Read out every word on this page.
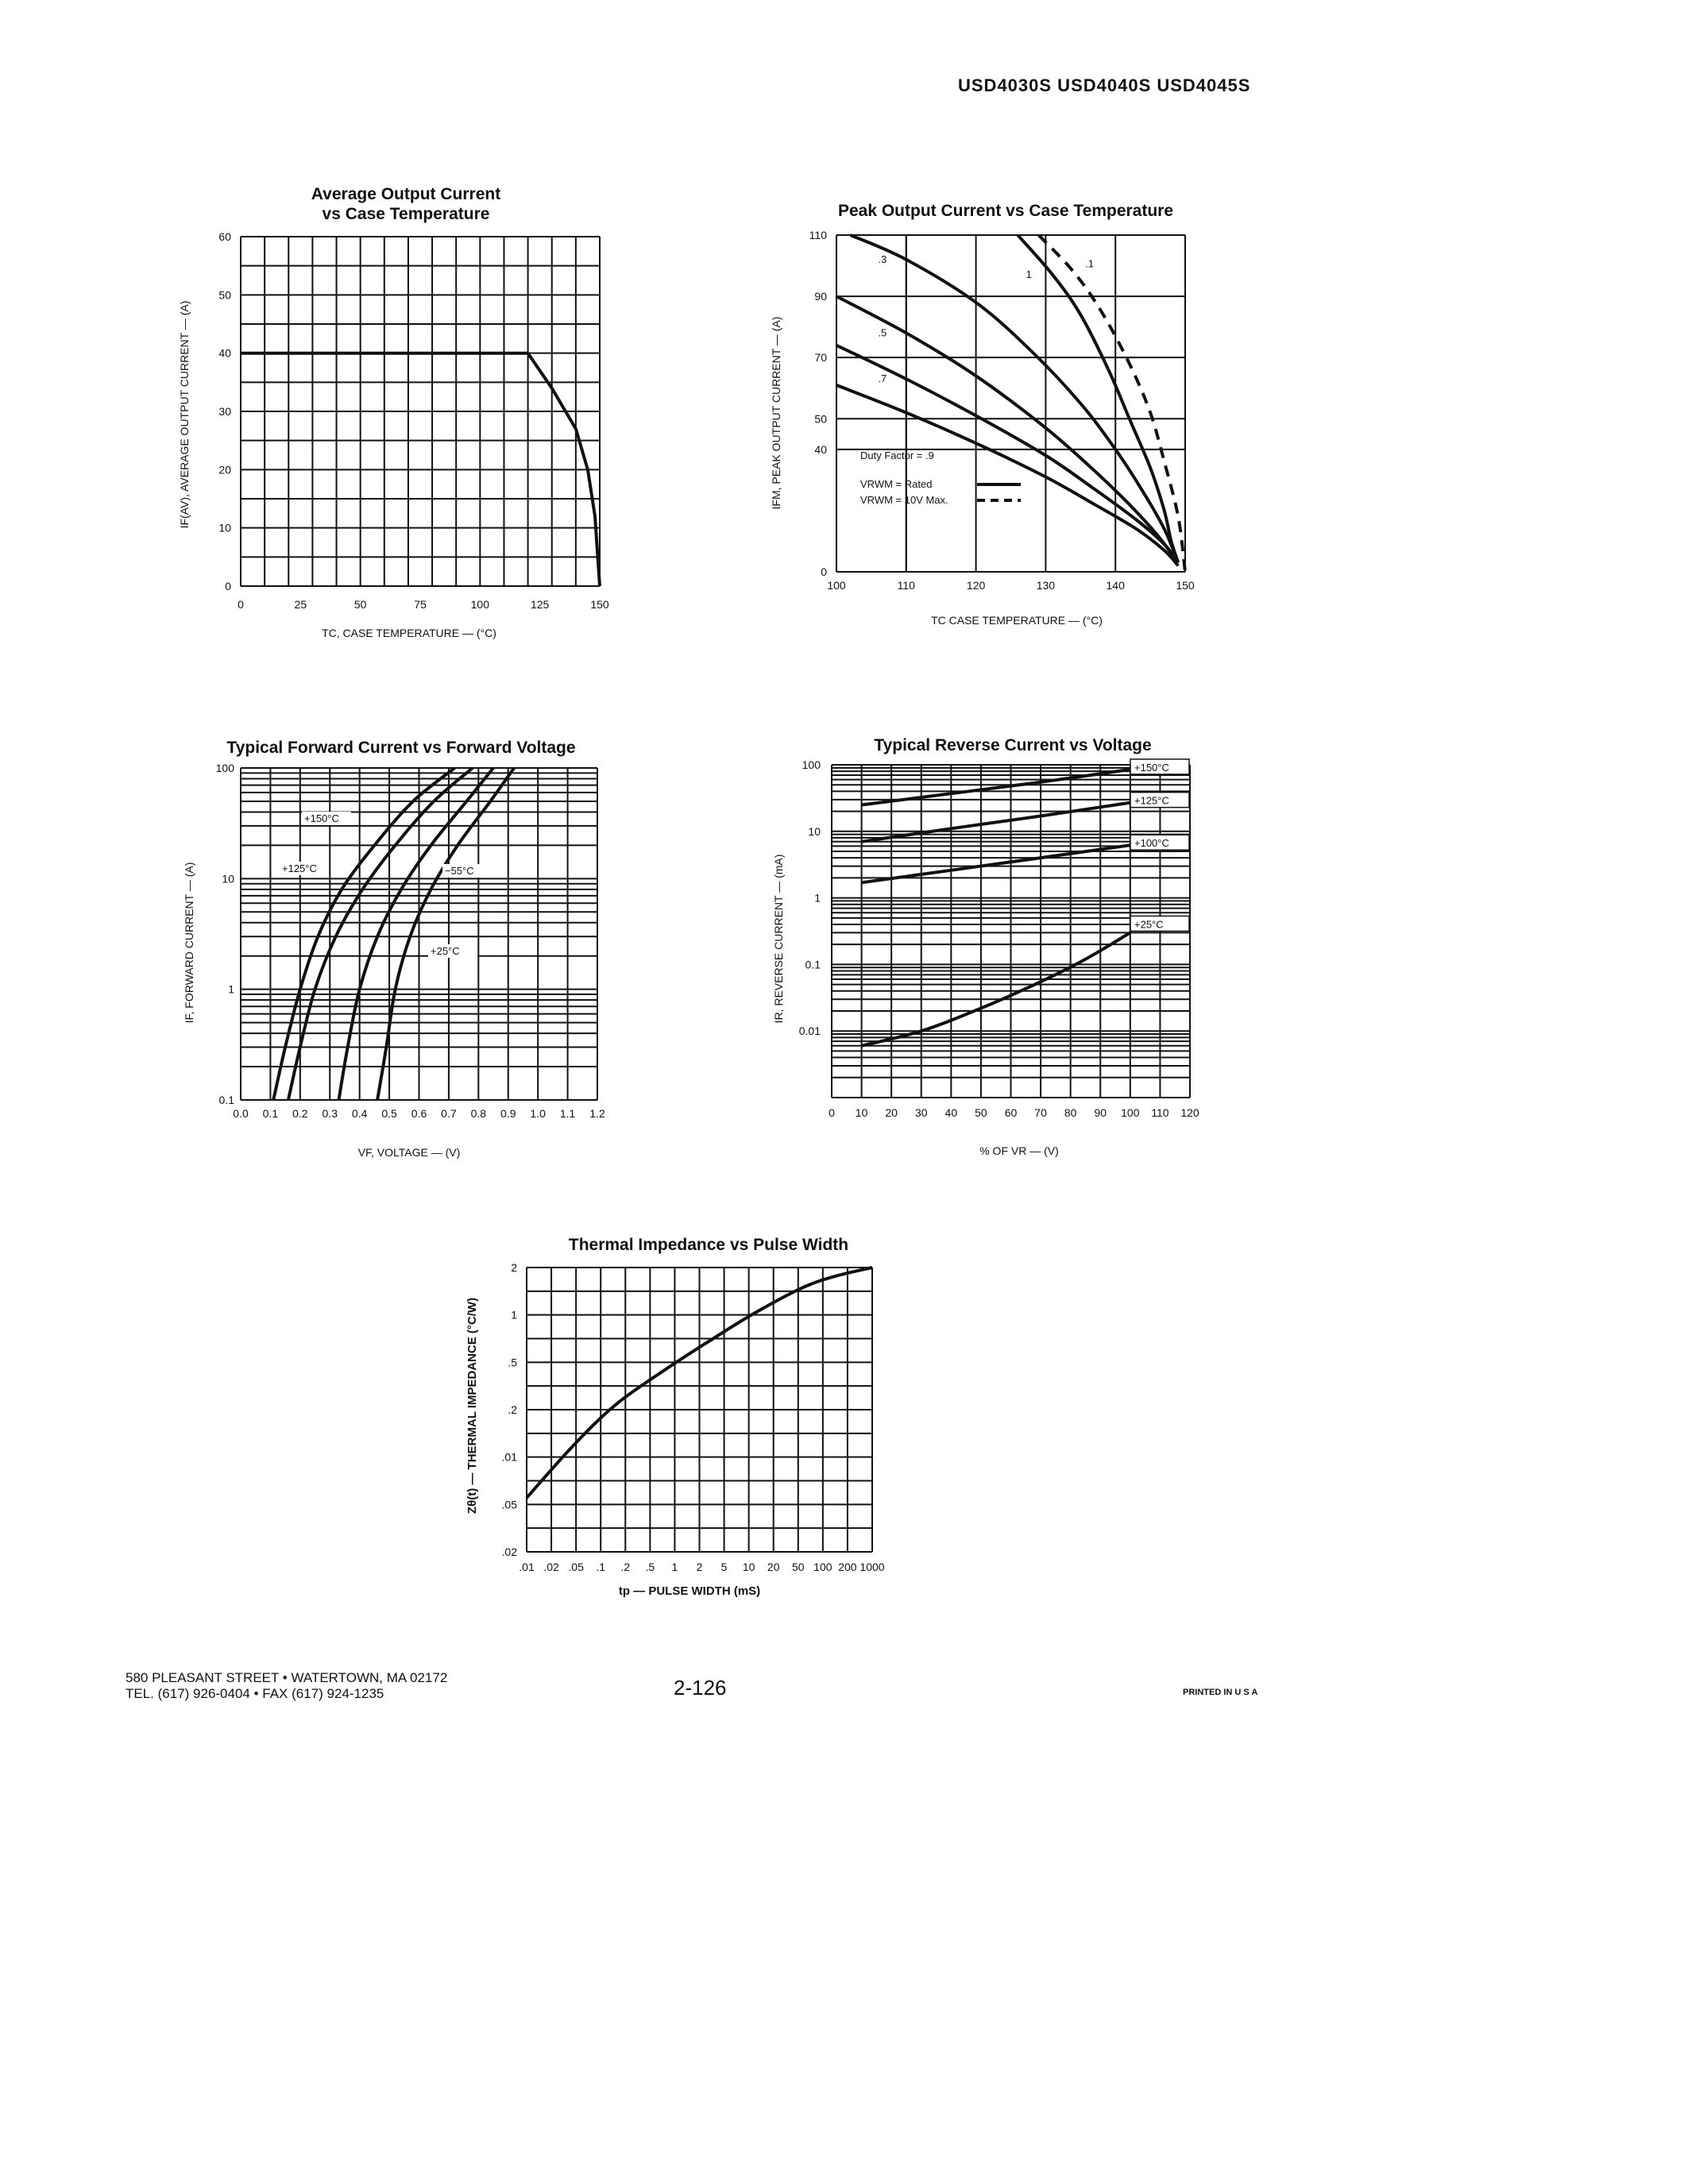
USD4030S USD4040S USD4045S
Average Output Current
vs Case Temperature
0	25	50	75	100	125	150
0
10
20
30
40
50
60
TC, CASE TEMPERATURE — (°C)
IF(AV), AVERAGE OUTPUT CURRENT — (A)
Peak Output Current vs Case Temperature
100	110	120	130	140	150
0
40
50
70
90
110
.1
1
.3
.5
.7
Duty Factor = .9
VRWM = Rated
VRWM = 10V Max.
TC CASE TEMPERATURE — (°C)
IFM, PEAK OUTPUT CURRENT — (A)
Typical Forward Current vs Forward Voltage
0.0 0.1 0.2 0.3 0.4 0.5 0.6 0.7 0.8 0.9 1.0 1.1 1.2
0.1
1
10
100
+150°C
+125°C	−55°C
+25°C
VF, VOLTAGE — (V)
IF, FORWARD CURRENT — (A)
Typical Reverse Current vs Voltage
0 10 20 30 40 50 60 70 80 90 100 110 120
0.01
0.1
1
10
100	+150°C
+125°C
+100°C
+25°C
% OF VR — (V)
IR, REVERSE CURRENT — (mA)
Thermal Impedance vs Pulse Width
.01 .02 .05 .1 .2 .5 1 2 5 10 20 50 100 200 1000
.02
.05
.01
.2
.5
1
2
tp — PULSE WIDTH (mS)
Zθ(t) — THERMAL IMPEDANCE (°C/W)
580 PLEASANT STREET • WATERTOWN, MA 02172
TEL. (617) 926-0404 • FAX (617) 924-1235	2-126	PRINTED IN U S A
